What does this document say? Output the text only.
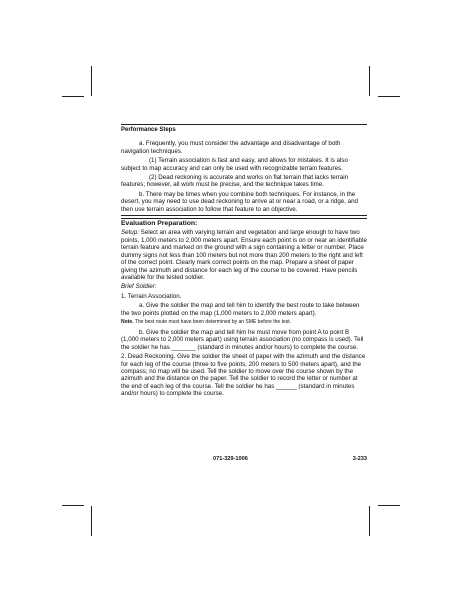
Performance Steps

a. Frequently, you must consider the advantage and disadvantage of both navigation techniques.

(1) Terrain association is fast and easy, and allows for mistakes. It is also subject to map accuracy and can only be used with recognizable terrain features.

(2) Dead reckoning is accurate and works on flat terrain that lacks terrain features; however, all work must be precise, and the technique takes time.

b. There may be times when you combine both techniques. For instance, in the desert, you may need to use dead reckoning to arrive at or near a road, or a ridge, and then use terrain association to follow that feature to an objective.

Evaluation Preparation:

Setup: Select an area with varying terrain and vegetation and large enough to have two points, 1,000 meters to 2,000 meters apart. Ensure each point is on or near an identifiable terrain feature and marked on the ground with a sign containing a letter or number. Place dummy signs not less than 100 meters but not more than 200 meters to the right and left of the correct point. Clearly mark correct points on the map. Prepare a sheet of paper giving the azimuth and distance for each leg of the course to be covered. Have pencils available for the tested soldier.

Brief Soldier:

1. Terrain Association.

a. Give the soldier the map and tell him to identify the best route to take between the two points plotted on the map (1,000 meters to 2,000 meters apart).

Note. The best route must have been determined by an SME before the test.

b. Give the soldier the map and tell him he must move from point A to point B (1,000 meters to 2,000 meters apart) using terrain association (no compass is used). Tell the soldier he has _______ (standard in minutes and/or hours) to complete the course.

2. Dead Reckoning. Give the soldier the sheet of paper with the azimuth and the distance for each leg of the course (three to five points, 200 meters to 500 meters apart), and the compass; no map will be used. Tell the soldier to move over the course shown by the azimuth and the distance on the paper. Tell the soldier to record the letter or number at the end of each leg of the course. Tell the soldier he has ______ (standard in minutes and/or hours) to complete the course.

071-329-1006	3-233
